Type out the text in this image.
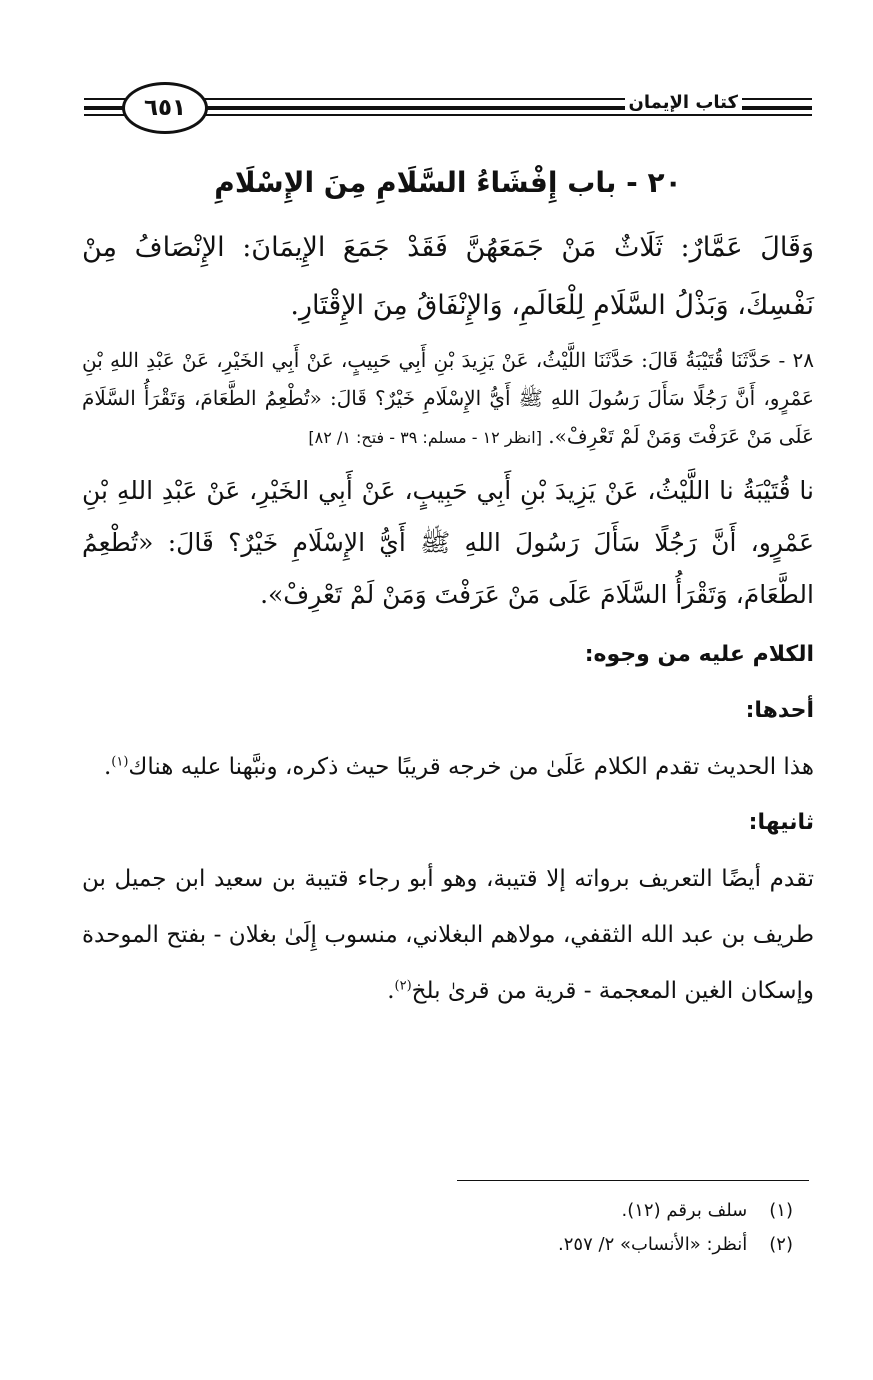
٦٥١	كتاب الإيمان
٢٠ - باب إِفْشَاءُ السَّلَامِ مِنَ الإِسْلَامِ

وَقَالَ عَمَّارٌ: ثَلَاثٌ مَنْ جَمَعَهُنَّ فَقَدْ جَمَعَ الإِيمَانَ: الإِنْصَافُ مِنْ نَفْسِكَ، وَبَذْلُ السَّلَامِ لِلْعَالَمِ، وَالإِنْفَاقُ مِنَ الإِقْتَارِ.

٢٨ - حَدَّثَنَا قُتَيْبَةُ قَالَ: حَدَّثَنَا اللَّيْثُ، عَنْ يَزِيدَ بْنِ أَبِي حَبِيبٍ، عَنْ أَبِي الخَيْرِ، عَنْ عَبْدِ اللهِ بْنِ عَمْرٍو، أَنَّ رَجُلًا سَأَلَ رَسُولَ اللهِ ﷺ أَيُّ الإِسْلَامِ خَيْرٌ؟ قَالَ: «تُطْعِمُ الطَّعَامَ، وَتَقْرَأُ السَّلَامَ عَلَى مَنْ عَرَفْتَ وَمَنْ لَمْ تَعْرِفْ». [انظر ١٢ - مسلم: ٣٩ - فتح: ١/ ٨٢]

نا قُتَيْبَةُ نا اللَّيْثُ، عَنْ يَزِيدَ بْنِ أَبِي حَبِيبٍ، عَنْ أَبِي الخَيْرِ، عَنْ عَبْدِ اللهِ بْنِ عَمْرٍو، أَنَّ رَجُلًا سَأَلَ رَسُولَ اللهِ ﷺ أَيُّ الإِسْلَامِ خَيْرٌ؟ قَالَ: «تُطْعِمُ الطَّعَامَ، وَتَقْرَأُ السَّلَامَ عَلَى مَنْ عَرَفْتَ وَمَنْ لَمْ تَعْرِفْ».

الكلام عليه من وجوه:

أحدها:

هذا الحديث تقدم الكلام عَلَىٰ من خرجه قريبًا حيث ذكره، ونبَّهنا عليه هناك$^{(١)}$.

ثانيها:

تقدم أيضًا التعريف برواته إلا قتيبة، وهو أبو رجاء قتيبة بن سعيد ابن جميل بن طريف بن عبد الله الثقفي، مولاهم البغلاني، منسوب إِلَىٰ بغلان - بفتح الموحدة وإسكان الغين المعجمة - قرية من قرىٰ بلخ$^{(٢)}$.

(١) سلف برقم (١٢).
(٢) أنظر: «الأنساب» ٢/ ٢٥٧.
